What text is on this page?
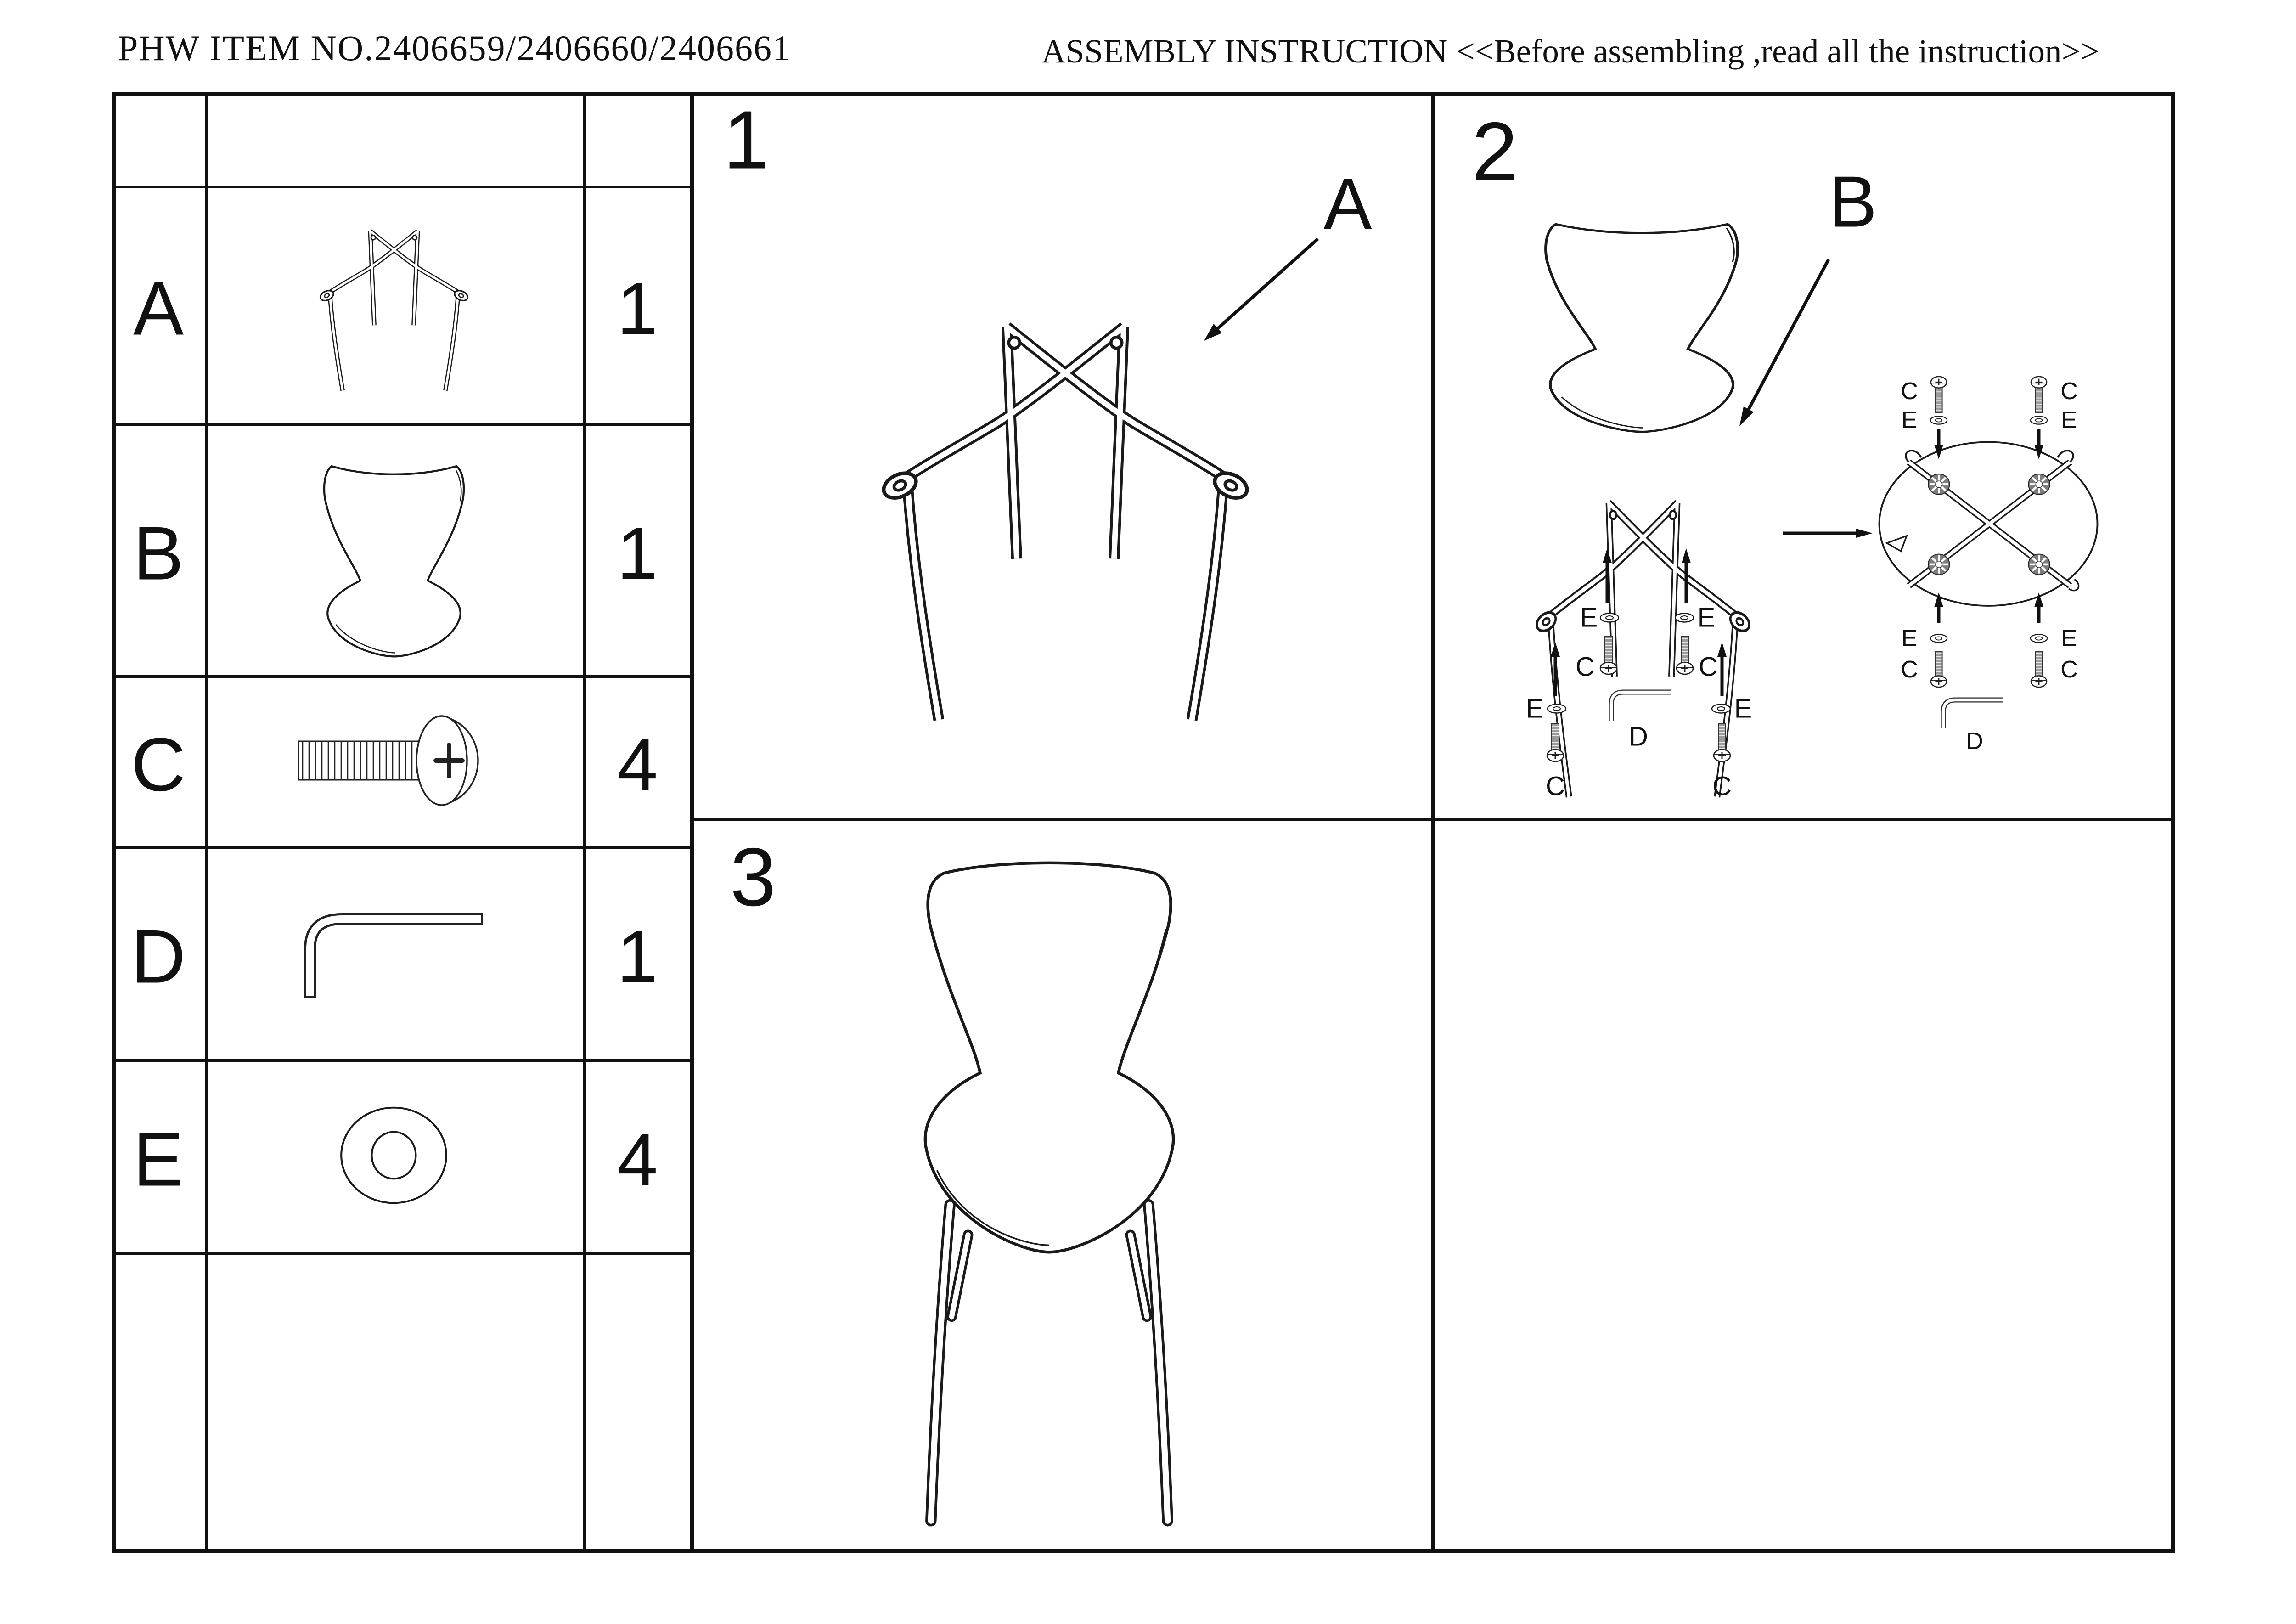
PHW ITEM NO.2406659/2406660/2406661	ASSEMBLY INSTRUCTION <<Before assembling ,read all the instruction>>
A
B
C
D
E
1
1
4
1
4
1
A
3
2
B
E
C
E
C
E
C
E
C
D
C
E
C
E
E
C
D
E
C
